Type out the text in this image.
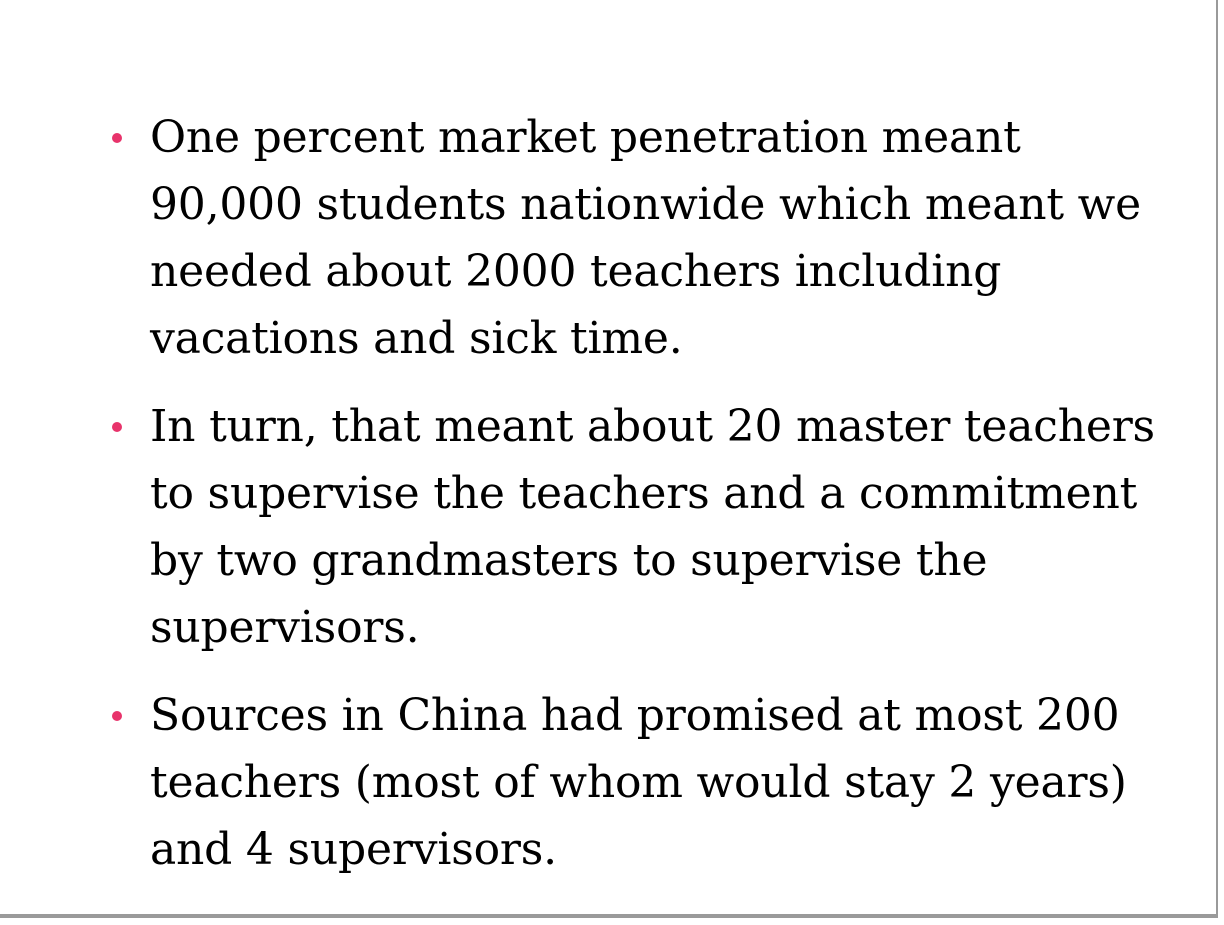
One percent market penetration meant 90,000 students nationwide which meant we needed about 2000 teachers including vacations and sick time.
In turn, that meant about 20 master teachers to supervise the teachers and a commitment by two grandmasters to supervise the supervisors.
Sources in China had promised at most 200 teachers (most of whom would stay 2 years) and 4 supervisors.
